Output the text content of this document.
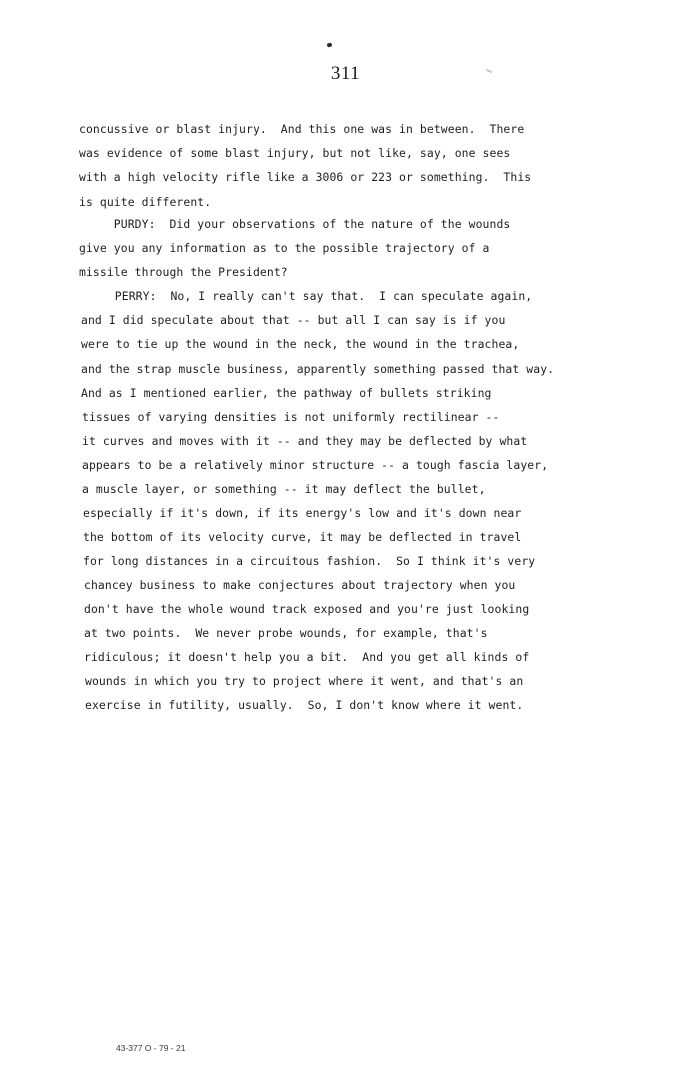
311

concussive or blast injury.  And this one was in between.  There

was evidence of some blast injury, but not like, say, one sees

with a high velocity rifle like a 3006 or 223 or something.  This

is quite different.

PURDY:  Did your observations of the nature of the wounds

give you any information as to the possible trajectory of a

missile through the President?

PERRY:  No, I really can't say that.  I can speculate again,

and I did speculate about that -- but all I can say is if you

were to tie up the wound in the neck, the wound in the trachea,

and the strap muscle business, apparently something passed that way.

And as I mentioned earlier, the pathway of bullets striking

tissues of varying densities is not uniformly rectilinear --

it curves and moves with it -- and they may be deflected by what

appears to be a relatively minor structure -- a tough fascia layer,

a muscle layer, or something -- it may deflect the bullet,

especially if it's down, if its energy's low and it's down near

the bottom of its velocity curve, it may be deflected in travel

for long distances in a circuitous fashion.  So I think it's very

chancey business to make conjectures about trajectory when you

don't have the whole wound track exposed and you're just looking

at two points.  We never probe wounds, for example, that's

ridiculous; it doesn't help you a bit.  And you get all kinds of

wounds in which you try to project where it went, and that's an

exercise in futility, usually.  So, I don't know where it went.

43-377 O - 79 - 21
